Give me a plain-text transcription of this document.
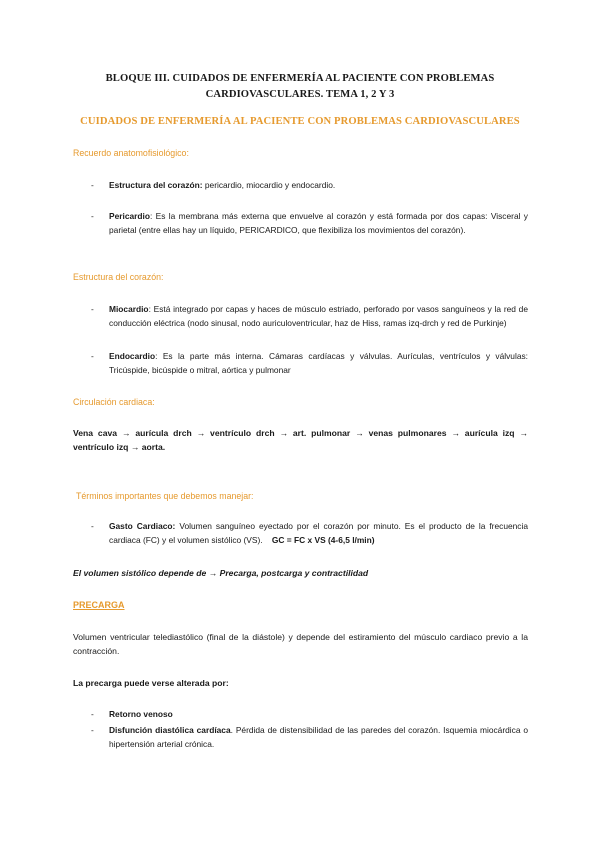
BLOQUE III. CUIDADOS DE ENFERMERÍA AL PACIENTE CON PROBLEMAS
CARDIOVASCULARES. TEMA 1, 2 Y 3
CUIDADOS DE ENFERMERÍA AL PACIENTE CON PROBLEMAS CARDIOVASCULARES
Recuerdo anatomofisiológico:
- Estructura del corazón: pericardio, miocardio y endocardio.
- Pericardio: Es la membrana más externa que envuelve al corazón y está formada por dos capas: Visceral y parietal (entre ellas hay un líquido, PERICARDICO, que flexibiliza los movimientos del corazón).
Estructura del corazón:
- Miocardio: Está integrado por capas y haces de músculo estriado, perforado por vasos sanguíneos y la red de conducción eléctrica (nodo sinusal, nodo auriculoventricular, haz de Hiss, ramas izq-drch y red de Purkinje)
- Endocardio: Es la parte más interna. Cámaras cardíacas y válvulas. Aurículas, ventrículos y válvulas: Tricúspide, bicúspide o mitral, aórtica y pulmonar
Circulación cardiaca:
Vena cava → aurícula drch → ventrículo drch → art. pulmonar → venas pulmonares → aurícula izq → ventrículo izq → aorta.
Términos importantes que debemos manejar:
- Gasto Cardiaco: Volumen sanguíneo eyectado por el corazón por minuto. Es el producto de la frecuencia cardiaca (FC) y el volumen sistólico (VS). GC = FC x VS (4-6,5 l/min)
El volumen sistólico depende de → Precarga, postcarga y contractilidad
PRECARGA
Volumen ventricular telediastólico (final de la diástole) y depende del estiramiento del músculo cardiaco previo a la contracción.
La precarga puede verse alterada por:
- Retorno venoso
- Disfunción diastólica cardíaca. Pérdida de distensibilidad de las paredes del corazón. Isquemia miocárdica o hipertensión arterial crónica.
